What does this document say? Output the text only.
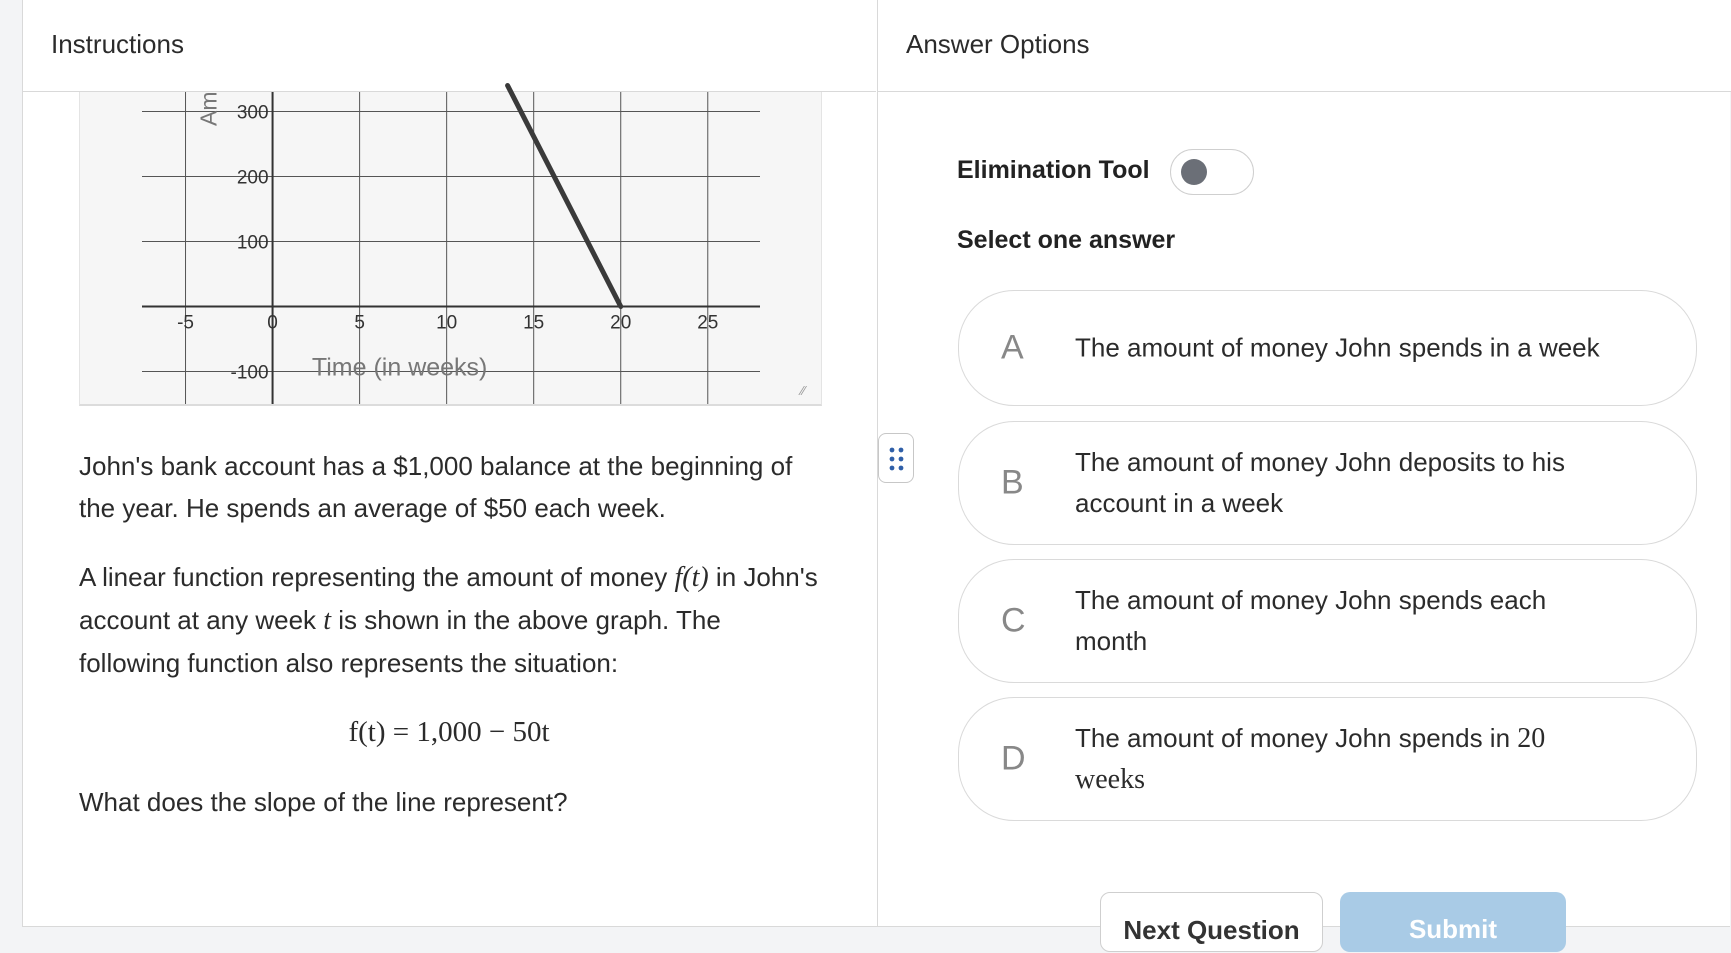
Instructions
-5	0	5	10	15	20	25
-100
100
200
300
Time (in weeks)
Am
∕∕

John's bank account has a $1,000 balance at the beginning of the year. He spends an average of $50 each week.

A linear function representing the amount of money f(t) in John's account at any week t is shown in the above graph. The following function also represents the situation:

f(t) = 1,000 − 50t

What does the slope of the line represent?

Answer Options
Elimination Tool
Select one answer
A The amount of money John spends in a week
B
The amount of money John deposits to his account in a week
C
The amount of money John spends each month
D
The amount of money John spends in 20 weeks
Next Question	Submit
